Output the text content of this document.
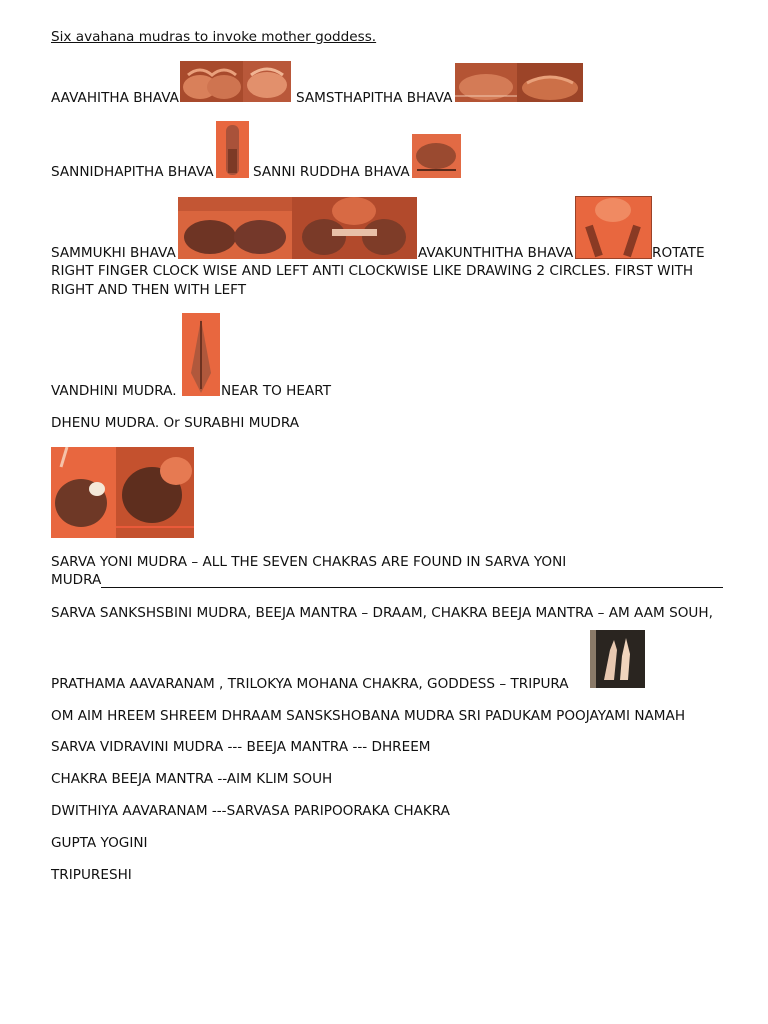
Six avahana mudras to invoke mother goddess.
AAVAHITHA BHAVA	SAMSTHAPITHA BHAVA
SANNIDHAPITHA BHAVA	SANNI RUDDHA BHAVA
SAMMUKHI BHAVA	AVAKUNTHITHA BHAVA	ROTATE
RIGHT FINGER CLOCK WISE AND LEFT ANTI CLOCKWISE LIKE DRAWING 2 CIRCLES. FIRST WITH
RIGHT AND THEN WITH LEFT
VANDHINI MUDRA.	NEAR TO HEART
DHENU MUDRA. Or SURABHI MUDRA
SARVA YONI MUDRA – ALL THE SEVEN CHAKRAS ARE FOUND IN SARVA YONI
MUDRA
SARVA SANKSHSBINI MUDRA, BEEJA MANTRA – DRAAM, CHAKRA BEEJA MANTRA – AM AAM SOUH,
PRATHAMA AAVARANAM , TRILOKYA MOHANA CHAKRA, GODDESS – TRIPURA
OM AIM HREEM SHREEM DHRAAM SANSKSHOBANA MUDRA SRI PADUKAM POOJAYAMI NAMAH
SARVA VIDRAVINI MUDRA --- BEEJA MANTRA --- DHREEM
CHAKRA BEEJA MANTRA --AIM KLIM SOUH
DWITHIYA AAVARANAM ---SARVASA PARIPOORAKA CHAKRA
GUPTA YOGINI
TRIPURESHI
